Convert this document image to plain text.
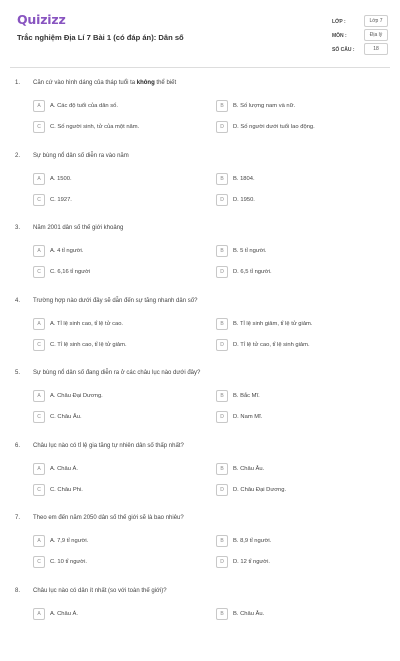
Quizizz
Trắc nghiệm Địa Lí 7 Bài 1 (có đáp án): Dân số
LỚP :	Lớp 7
MÔN :	Địa lý
SỐ CÂU :	18
1. Căn cứ vào hình dáng của tháp tuổi ta không thể biết
A	A. Các độ tuổi của dân số.	B	B. Số lượng nam và nữ.
C	C. Số người sinh, tử của một năm.	D	D. Số người dưới tuổi lao động.
2. Sự bùng nổ dân số diễn ra vào năm
A	A. 1500.	B	B. 1804.
C	C. 1927.	D	D. 1950.
3. Năm 2001 dân số thế giới khoảng
A	A. 4 tỉ người.	B	B. 5 tỉ người.
C	C. 6,16 tỉ người	D	D. 6,5 tỉ người.
4. Trường hợp nào dưới đây sẽ dẫn đến sự tăng nhanh dân số?
A	A. Tỉ lệ sinh cao, tỉ lệ tử cao.	B	B. Tỉ lệ sinh giảm, tỉ lệ tử giảm.
C	C. Tỉ lệ sinh cao, tỉ lệ tử giảm.	D	D. Tỉ lệ tử cao, tỉ lệ sinh giảm.
5. Sự bùng nổ dân số đang diễn ra ở các châu lục nào dưới đây?
A	A. Châu Đại Dương.	B	B. Bắc Mĩ.
C	C. Châu Âu.	D	D. Nam Mĩ.
6. Châu lục nào có tỉ lệ gia tăng tự nhiên dân số thấp nhất?
A	A. Châu Á.	B	B. Châu Âu.
C	C. Châu Phi.	D	D. Châu Đại Dương.
7. Theo em đến năm 2050 dân số thế giới sẽ là bao nhiêu?
A	A. 7,9 tỉ người.	B	B. 8,9 tỉ người.
C	C. 10 tỉ người.	D	D. 12 tỉ người.
8. Châu lục nào có dân ít nhất (so với toàn thế giới)?
A	A. Châu Á.	B	B. Châu Âu.
